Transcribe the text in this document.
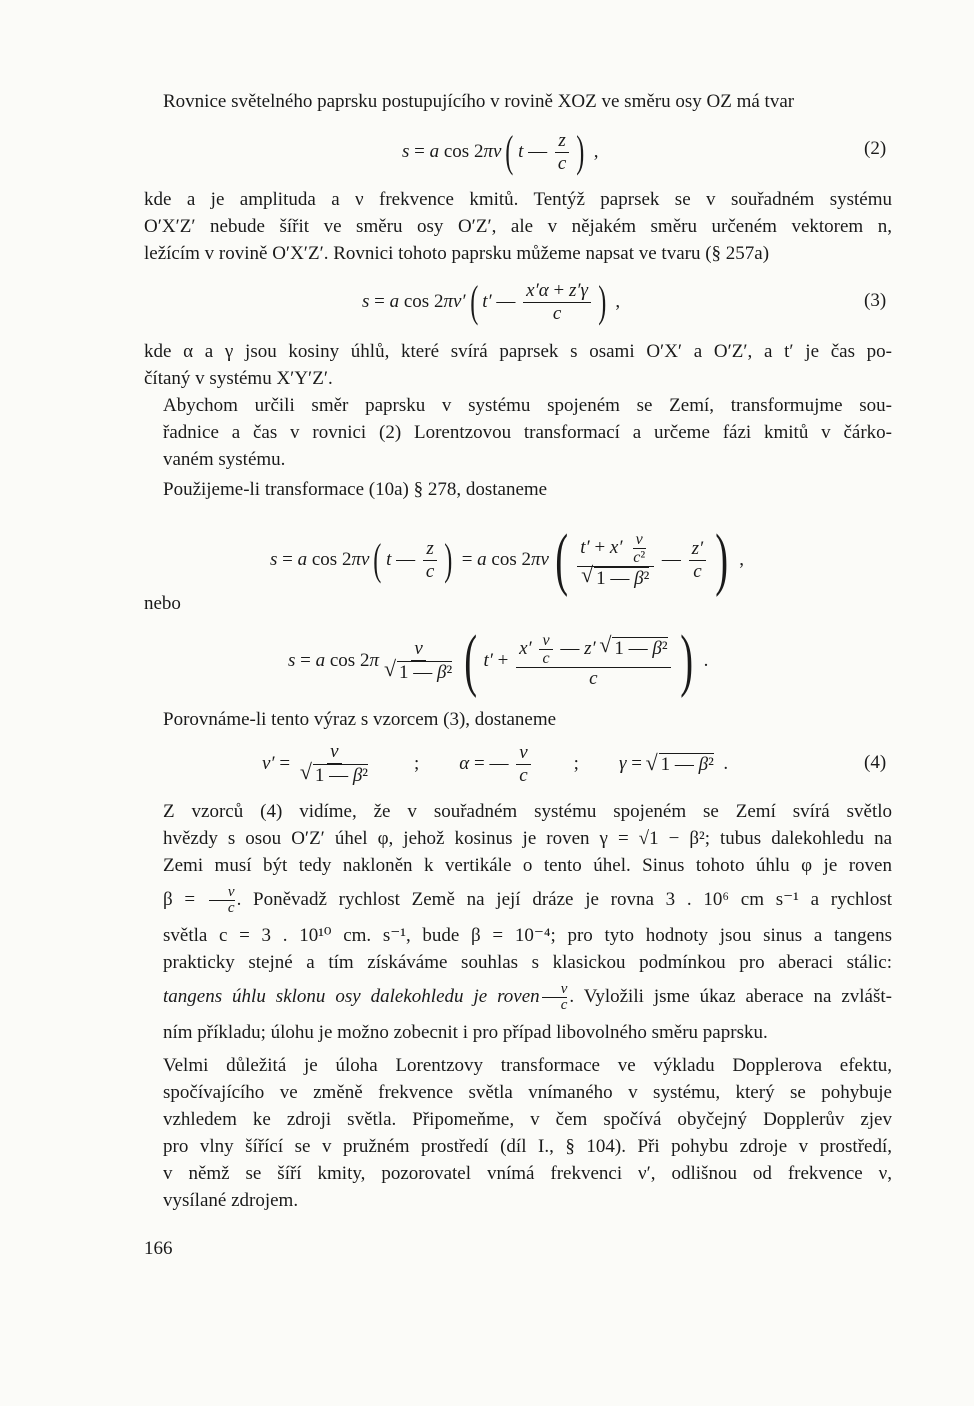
Rovnice světelného paprsku postupujícího v rovině XOZ ve směru osy OZ má tvar
s = a cos 2 πν ( t — $\frac{z}{c}$ ) ,	(2)
kde a je amplituda a ν frekvence kmitů. Tentýž paprsek se v souřadném systému
O′X′Z′ nebude šířit ve směru osy O′Z′, ale v nějakém směru určeném vektorem n,
ležícím v rovině O′X′Z′. Rovnici tohoto paprsku můžeme napsat ve tvaru (§ 257a)
s = a cos 2 πν′ ( t′ — $\frac{x'\alpha + z'\gamma}{c}$ ) ,	(3)
kde α a γ jsou kosiny úhlů, které svírá paprsek s osami O′X′ a O′Z′, a t′ je čas po-
čítaný v systému X′Y′Z′.
Abychom určili směr paprsku v systému spojeném se Zemí, transformujme sou-
řadnice a čas v rovnici (2) Lorentzovou transformací a určeme fázi kmitů v čárko-
vaném systému.
Použijeme-li transformace (10a) § 278, dostaneme
s = a cos 2 πν ( t — $\frac{z}{c}$ ) = a cos 2 πν ( $t' + x' \frac{v}{\text{c²}}$
√ 1 — β² — $\frac{z'}{c}$ ) ,
nebo
s = a cos 2 π ν
√ 1 — β² ( $t' + \frac{x' \frac{v}{c} — z' √ 1 — \beta^2}{c}$ ) .
Porovnáme-li tento výraz s vzorcem (3), dostaneme
ν′ = ν
√ 1 — β² ; α = — $\frac{v}{c}$ ; γ = √ 1 — β² .	(4)
Z vzorců (4) vidíme, že v souřadném systému spojeném se Zemí svírá světlo
hvězdy s osou O′Z′ úhel φ, jehož kosinus je roven γ = √1 − β²; tubus dalekohledu na
Zemi musí být tedy nakloněn k vertikále o tento úhel. Sinus tohoto úhlu φ je roven
$\beta = \frac{v}{c}$ . Poněvadž rychlost Země na její dráze je rovna 3 . 10⁶ cm s⁻¹ a rychlost
světla c = 3 . 10¹⁰ cm. s⁻¹, bude β = 10⁻⁴; pro tyto hodnoty jsou sinus a tangens
prakticky stejné a tím získáváme souhlas s klasickou podmínkou pro aberaci stálic:
tangens úhlu sklonu osy dalekohledu je roven $\frac{v}{c}$ . Vyložili jsme úkaz aberace na zvlášt-
ním příkladu; úlohu je možno zobecnit i pro případ libovolného směru paprsku.
Velmi důležitá je úloha Lorentzovy transformace ve výkladu Dopplerova efektu,
spočívajícího ve změně frekvence světla vnímaného v systému, který se pohybuje
vzhledem ke zdroji světla. Připomeňme, v čem spočívá obyčejný Dopplerův zjev
pro vlny šířící se v pružném prostředí (díl I., § 104). Při pohybu zdroje v prostředí,
v němž se šíří kmity, pozorovatel vnímá frekvenci ν′, odlišnou od frekvence ν,
vysílané zdrojem.
166
